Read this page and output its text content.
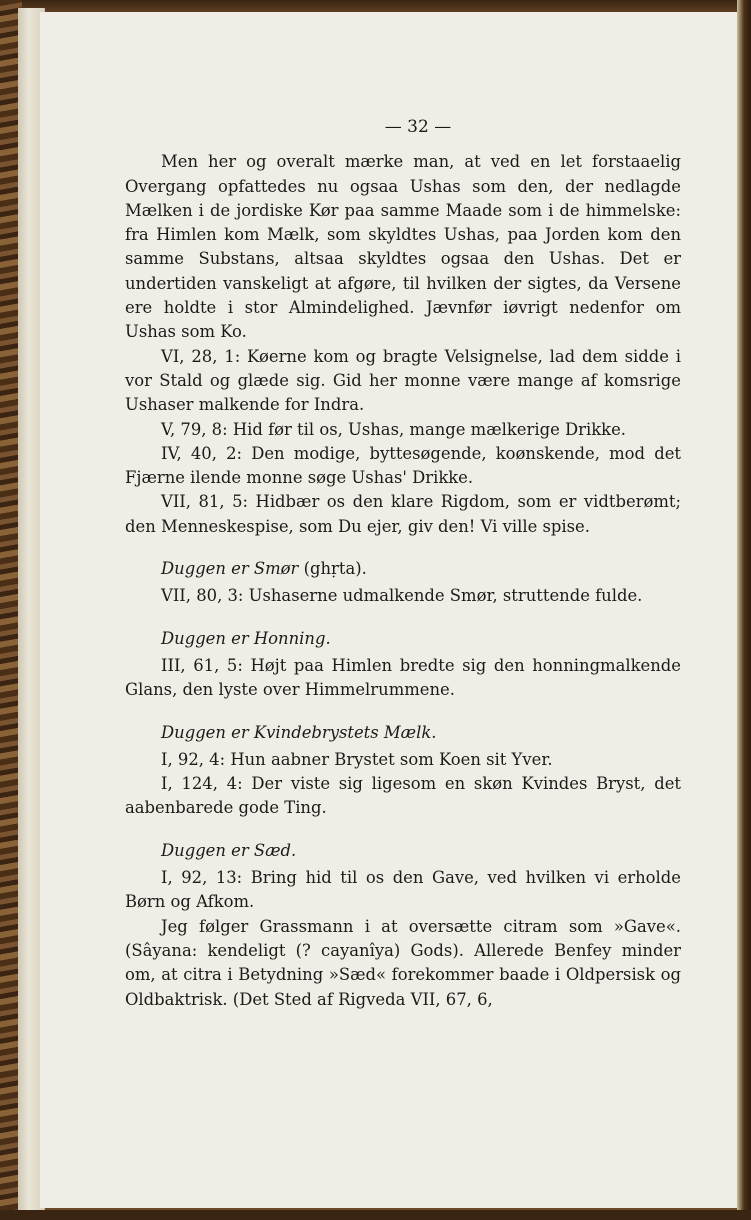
— 32 —

Men her og overalt mærke man, at ved en let forstaaelig Overgang opfattedes nu ogsaa Ushas som den, der nedlagde Mælken i de jordiske Kør paa samme Maade som i de himmelske: fra Himlen kom Mælk, som skyldtes Ushas, paa Jorden kom den samme Substans, altsaa skyldtes ogsaa den Ushas. Det er undertiden vanskeligt at afgøre, til hvilken der sigtes, da Versene ere holdte i stor Almindelighed. Jævnfør iøvrigt nedenfor om Ushas som Ko.

VI, 28, 1: Køerne kom og bragte Velsignelse, lad dem sidde i vor Stald og glæde sig. Gid her monne være mange af komsrige Ushaser malkende for Indra.

V, 79, 8: Hid før til os, Ushas, mange mælkerige Drikke.

IV, 40, 2: Den modige, byttesøgende, koønskende, mod det Fjærne ilende monne søge Ushas' Drikke.

VII, 81, 5: Hidbær os den klare Rigdom, som er vidtberømt; den Menneskespise, som Du ejer, giv den! Vi ville spise.

Duggen er Smør (ghṛta).

VII, 80, 3: Ushaserne udmalkende Smør, struttende fulde.

Duggen er Honning.

III, 61, 5: Højt paa Himlen bredte sig den honningmalkende Glans, den lyste over Himmelrummene.

Duggen er Kvindebrystets Mælk.

I, 92, 4: Hun aabner Brystet som Koen sit Yver.

I, 124, 4: Der viste sig ligesom en skøn Kvindes Bryst, det aabenbarede gode Ting.

Duggen er Sæd.

I, 92, 13: Bring hid til os den Gave, ved hvilken vi erholde Børn og Afkom.

Jeg følger Grassmann i at oversætte citram som »Gave«. (Sâyana: kendeligt (? cayanîya) Gods). Allerede Benfey minder om, at citra i Betydning »Sæd« forekommer baade i Oldpersisk og Oldbaktrisk. (Det Sted af Rigveda VII, 67, 6,
